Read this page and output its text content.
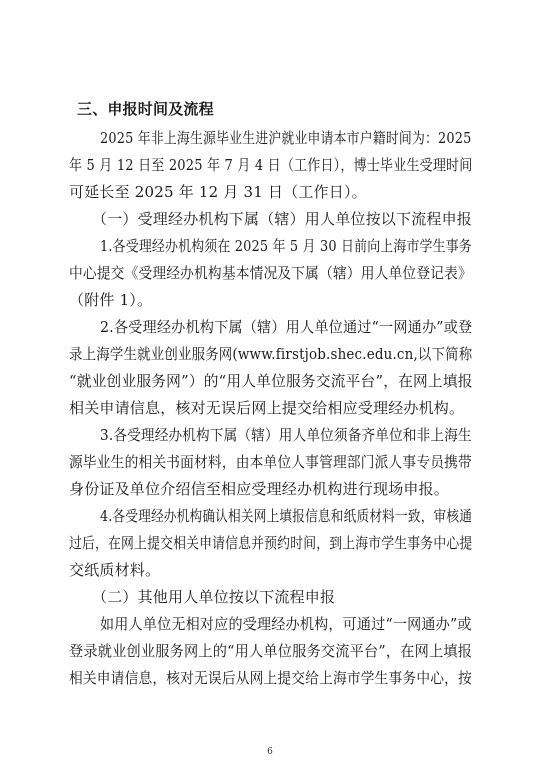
三、申报时间及流程
2025 年非上海生源毕业生进沪就业申请本市户籍时间为：2025
年 5 月 12 日至 2025 年 7 月 4 日（工作日），博士毕业生受理时间
可延长至 2025 年 12 月 31 日（工作日）。
（一）受理经办机构下属（辖）用人单位按以下流程申报
1.各受理经办机构须在 2025 年 5 月 30 日前向上海市学生事务
中心提交《受理经办机构基本情况及下属（辖）用人单位登记表》
（附件 1）。
2.各受理经办机构下属（辖）用人单位通过“一网通办”或登
录上海学生就业创业服务网(www.firstjob.shec.edu.cn,以下简称
“就业创业服务网”）的“用人单位服务交流平台”，在网上填报
相关申请信息，核对无误后网上提交给相应受理经办机构。
3.各受理经办机构下属（辖）用人单位须备齐单位和非上海生
源毕业生的相关书面材料，由本单位人事管理部门派人事专员携带
身份证及单位介绍信至相应受理经办机构进行现场申报。
4.各受理经办机构确认相关网上填报信息和纸质材料一致，审核通
过后，在网上提交相关申请信息并预约时间，到上海市学生事务中心提
交纸质材料。
（二）其他用人单位按以下流程申报
如用人单位无相对应的受理经办机构，可通过“一网通办”或
登录就业创业服务网上的“用人单位服务交流平台”，在网上填报
相关申请信息，核对无误后从网上提交给上海市学生事务中心，按
6
